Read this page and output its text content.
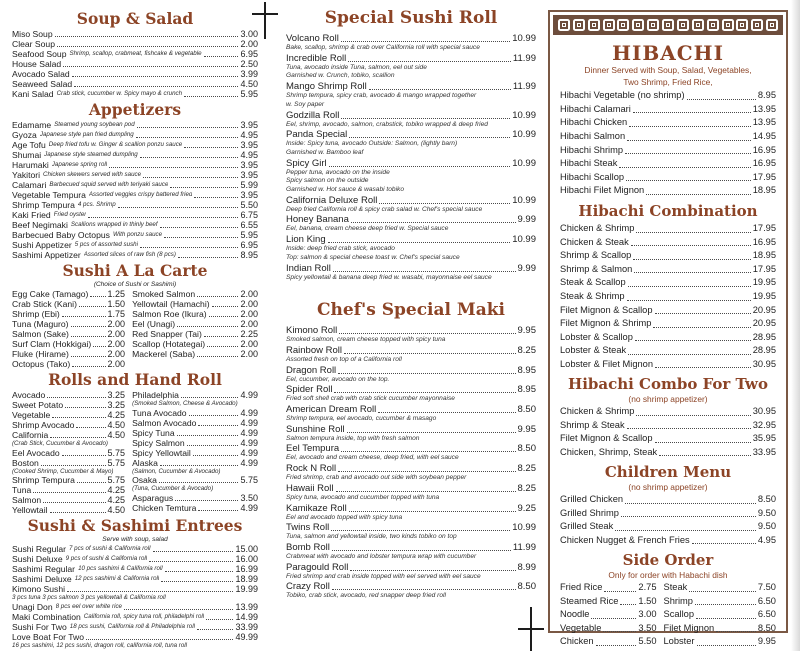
Soup & Salad
Miso Soup	3.00
Clear Soup	2.00
Seafood Soup Shrimp, scallop, crabmeat, fishcake & vegetable	6.95
House Salad	2.50
Avocado Salad	3.99
Seaweed Salad	4.50
Kani Salad Crab stick, cucumber w. Spicy mayo & crunch	5.95
Appetizers
Edamame Steamed young soybean pod	3.95
Gyoza Japanese style pan fried dumpling	4.95
Age Tofu Deep fried tofu w. Ginger & scallion ponzu sauce	3.95
Shumai Japanese style steamed dumpling	4.95
Harumaki Japanese spring roll	3.95
Yakitori Chicken skewers served with sauce	3.95
Calamari Barbecued squid served with teriyaki sauce	5.99
Vegetable Tempura Assorted veggies crispy battered fried	3.95
Shrimp Tempura 4 pcs. Shrimp	5.50
Kaki Fried Fried oyster	6.75
Beef Negimaki Scallions wrapped in thinly beef	6.55
Barbecued Baby Octopus With ponzu sauce	5.95
Sushi Appetizer 5 pcs of assorted sushi	6.95
Sashimi Appetizer Assorted slices of raw fish (8 pcs)	8.95
Sushi A La Carte
(Choice of Sushi or Sashimi)
Egg Cake (Tamago) 1.25
Crab Stick (Kani)	1.50
Shrimp (Ebi)	1.75
Tuna (Maguro)	2.00
Salmon (Sake)	2.00
Surf Clam (Hokkigai) 2.00
Fluke (Hirame)	2.00
Octopus (Tako)	2.00
Smoked Salmon	2.00
Yellowtail (Hamachi)	2.00
Salmon Roe (Ikura)	2.00
Eel (Unagi)	2.00
Red Snapper (Tai)	2.25
Scallop (Hotategai)	2.00
Mackerel (Saba)	2.00
Rolls and Hand Roll
Avocado	3.25
Sweet Potato	3.25
Vegetable	4.25
Shrimp Avocado	4.50
California	4.50
(Crab Stick, Cucumber & Avocado)
Eel Avocado	5.75
Boston	5.75
(Cooked Shrimp, Cucumber & Mayo)
Shrimp Tempura	5.75
Tuna	4.25
Salmon	4.25
Yellowtail	4.50
Philadelphia	4.99
(Smoked Salmon, Cheese & Avocado)
Tuna Avocado	4.99
Salmon Avocado	4.99
Spicy Tuna	4.99
Spicy Salmon	4.99
Spicy Yellowtail	4.99
Alaska	4.99
(Salmon, Cucumber & Avocado)
Osaka	5.75
(Tuna, Cucumber & Avocado)
Asparagus	3.50
Chicken Temtura	4.99
Sushi & Sashimi Entrees
Serve with soup, salad
Sushi Regular 7 pcs of sushi & California roll	15.00
Sushi Deluxe 9 pcs of sushi & California roll	16.00
Sashimi Regular 10 pcs sashimi & California roll	16.99
Sashimi Deluxe 12 pcs sashimi & California roll	18.99
Kimono Sushi	19.99
3 pcs tuna 3 pcs salmon 3 pcs yellowtail & California roll
Unagi Don 8 pcs eel over white rice	13.99
Maki Combination California roll, spicy tuna roll, philadelphi roll	14.99
Sushi For Two 18 pcs sushi, California roll & Philadelphia roll	33.99
Love Boat For Two	49.99
16 pcs sashimi, 12 pcs sushi, dragon roll, california roll, tuna roll
Special Sushi Roll
Volcano Roll	10.99
Bake, scallop, shrimp & crab over California roll with special sauce
Incredible Roll	11.99
Tuna, avocado inside Tuna, salmon, eel out side
Garnished w. Crunch, tobiko, scallion
Mango Shrimp Roll	11.99
Shrimp tempura, spicy crab, avocado & mango wrapped together
w. Soy paper
Godzilla Roll	10.99
Eel, shrimp, avocado, salmon, crabstick, tobiko wrapped & deep fried
Panda Special	10.99
Inside: Spicy tuna, avocado Outside: Salmon, (lightly barn)
Garnished w. Bamboo leaf
Spicy Girl	10.99
Pepper tuna, avocado on the inside
Spicy salmon on the outside
Garnished w. Hot sauce & wasabi tobiko
California Deluxe Roll	10.99
Deep fried California roll & spicy crab salad w. Chef's special sauce
Honey Banana	9.99
Eel, banana, cream cheese deep fried w. Special sauce
Lion King	10.99
Inside: deep fried crab stick, avocado
Top: salmon & special cheese toast w. Chef's special sauce
Indian Roll	9.99
Spicy yellowtail & banana deep fried w. wasabi, mayonnaise eel sauce
Chef's Special Maki
Kimono Roll	9.95
Smoked salmon, cream cheese topped with spicy tuna
Rainbow Roll	8.25
Assorted fresh on top of a California roll
Dragon Roll	8.95
Eel, cucumber, avocado on the top.
Spider Roll	8.95
Fried soft shell crab with crab stick cucumber mayonnaise
American Dream Roll	8.50
Shrimp tempura, eel avocado, cucumber & masago
Sunshine Roll	9.95
Salmon tempura inside, top with fresh salmon
Eel Tempura	8.50
Eel, avocado and cream cheese, deep fried, with eel sauce
Rock N Roll	8.25
Fried shrimp, crab and avocado out side with soybean pepper
Hawaii Roll	8.25
Spicy tuna, avocado and cucumber topped with tuna
Kamikaze Roll	9.25
Eel and avocado topped with spicy tuna
Twins Roll	10.99
Tuna, salmon and yellowtail inside, two kinds tobiko on top
Bomb Roll	11.99
Crabmeat with avocado and lobster tempura wrap with cucumber
Paragould Roll	8.99
Fried shrimp and crab inside topped with eel served with eel sauce
Crazy Roll	8.50
Tobiko, crab stick, avocado, red snapper deep fried roll
HIBACHI
Dinner Served with Soup, Salad, Vegetables,
Two Shrimp, Fried Rice,
Hibachi Vegetable (no shrimp)	8.95
Hibachi Calamari	13.95
Hibachi Chicken	13.95
Hibachi Salmon	14.95
Hibachi Shrimp	16.95
Hibachi Steak	16.95
Hibachi Scallop	17.95
Hibachi Filet Mignon	18.95
Hibachi Combination
Chicken & Shrimp	17.95
Chicken & Steak	16.95
Shrimp & Scallop	18.95
Shrimp & Salmon	17.95
Steak & Scallop	19.95
Steak & Shrimp	19.95
Filet Mignon & Scallop	20.95
Filet Mignon & Shrimp	20.95
Lobster & Scallop	28.95
Lobster & Steak	28.95
Lobster & Filet Mignon	30.95
Hibachi Combo For Two
(no shrimp appetizer)
Chicken & Shrimp	30.95
Shrimp & Steak	32.95
Filet Mignon & Scallop	35.95
Chicken, Shrimp, Steak	33.95
Children Menu
(no shrimp appetizer)
Grilled Chicken	8.50
Grilled Shrimp	9.50
Grilled Steak	9.50
Chicken Nugget & French Fries	4.95
Side Order
Only for order with Habachi dish
Fried Rice	2.75
Steamed Rice 1.50
Noodle	3.00
Vegetable	3.50
Chicken	5.50
Steak	7.50
Shrimp	6.50
Scallop	6.50
Filet Mignon	8.50
Lobster	9.95
